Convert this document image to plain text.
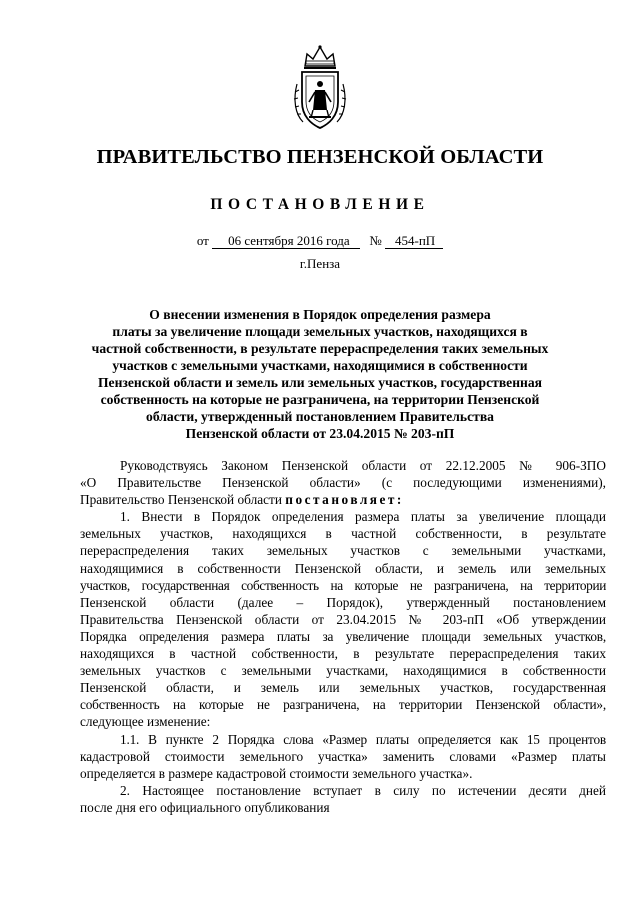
ПРАВИТЕЛЬСТВО ПЕНЗЕНСКОЙ ОБЛАСТИ
ПОСТАНОВЛЕНИЕ
от 06 сентября 2016 года № 454-пП
г.Пенза
О внесении изменения в Порядок определения размера
платы за увеличение площади земельных участков, находящихся в
частной собственности, в результате перераспределения таких земельных
участков с земельными участками, находящимися в собственности
Пензенской области и земель или земельных участков, государственная
собственность на которые не разграничена, на территории Пензенской
области, утвержденный постановлением Правительства
Пензенской области от 23.04.2015 № 203-пП
Руководствуясь Законом Пензенской области от 22.12.2005 № 906-ЗПО
«О Правительстве Пензенской области» (с последующими изменениями),
Правительство Пензенской области постановляет:
1. Внести в Порядок определения размера платы за увеличение площади
земельных участков, находящихся в частной собственности, в результате
перераспределения таких земельных участков с земельными участками,
находящимися в собственности Пензенской области, и земель или земельных
участков, государственная собственность на которые не разграничена, на территории
Пензенской области (далее – Порядок), утвержденный постановлением
Правительства Пензенской области от 23.04.2015 № 203-пП «Об утверждении
Порядка определения размера платы за увеличение площади земельных участков,
находящихся в частной собственности, в результате перераспределения таких
земельных участков с земельными участками, находящимися в собственности
Пензенской области, и земель или земельных участков, государственная
собственность на которые не разграничена, на территории Пензенской области»,
следующее изменение:
1.1. В пункте 2 Порядка слова «Размер платы определяется как 15 процентов
кадастровой стоимости земельного участка» заменить словами «Размер платы
определяется в размере кадастровой стоимости земельного участка».
2. Настоящее постановление вступает в силу по истечении десяти дней
после дня его официального опубликования
